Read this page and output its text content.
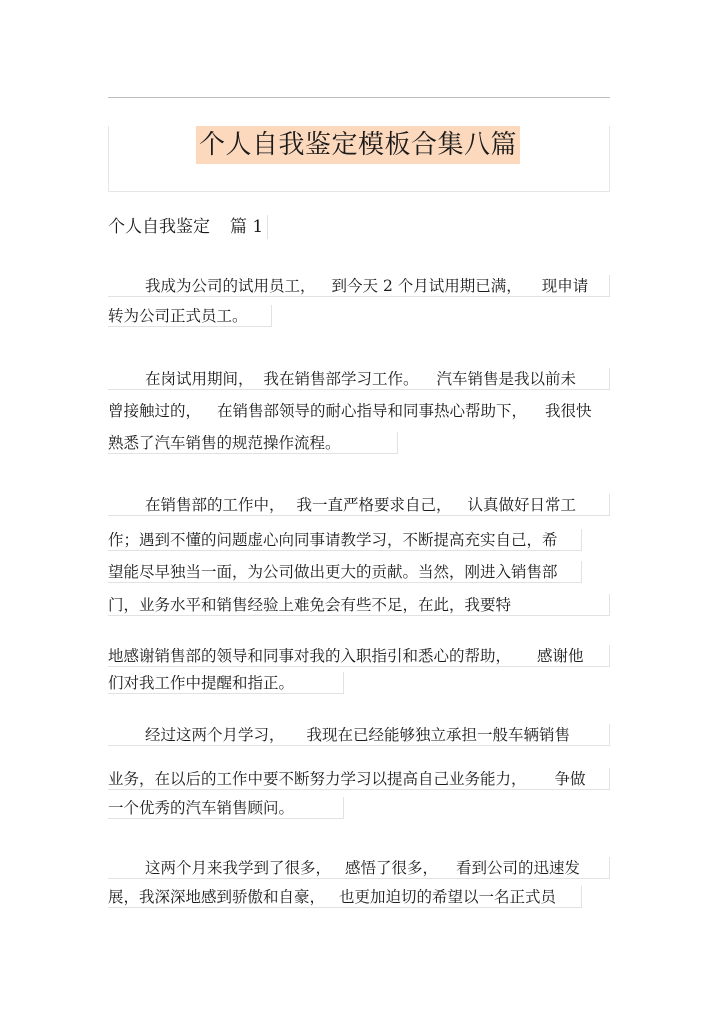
个人自我鉴定模板合集八篇
个人自我鉴定 篇 1
我成为公司的试用员工， 到今天 2 个月试用期已满， 现申请
转为公司正式员工。
在岗试用期间， 我在销售部学习工作。 汽车销售是我以前未
曾接触过的， 在销售部领导的耐心指导和同事热心帮助下， 我很快
熟悉了汽车销售的规范操作流程。
在销售部的工作中， 我一直严格要求自己， 认真做好日常工
作；遇到不懂的问题虚心向同事请教学习，不断提高充实自己，希
望能尽早独当一面，为公司做出更大的贡献。当然，刚进入销售部
门，业务水平和销售经验上难免会有些不足，在此，我要特
地感谢销售部的领导和同事对我的入职指引和悉心的帮助， 感谢他
们对我工作中提醒和指正。
经过这两个月学习， 我现在已经能够独立承担一般车辆销售
业务，在以后的工作中要不断努力学习以提高自己业务能力， 争做
一个优秀的汽车销售顾问。
这两个月来我学到了很多， 感悟了很多， 看到公司的迅速发
展，我深深地感到骄傲和自豪， 也更加迫切的希望以一名正式员
